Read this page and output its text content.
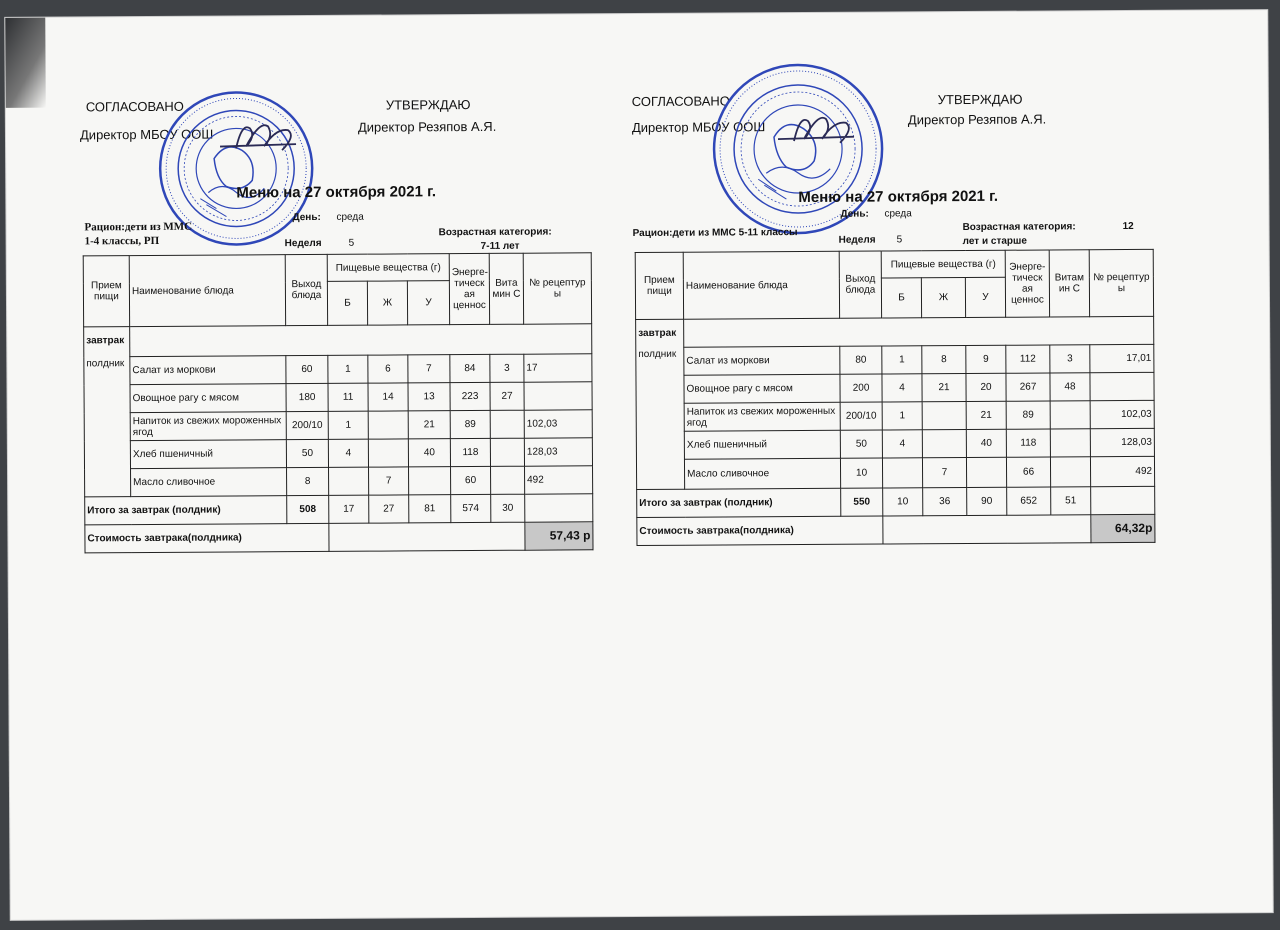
СОГЛАСОВАНО
Директор МБОУ ООШ
УТВЕРЖДАЮ
Директор Резяпов А.Я.
Меню на 27 октября 2021 г.
Рацион:дети из ММС
1-4 классы, РП
День: среда
Неделя	5
Возрастная категория:
7-11 лет
Прием пищи	Наименование блюда	Выход блюда	Пищевые вещества (г)			Энерге-тическ ая ценнос	Вита мин С	№ рецептур ы
			Б	Ж	У			

завтрак
полдник								

	Салат из моркови	60	1	6	7	84	3	17
	Овощное рагу с мясом	180	11	14	13	223	27	
	Напиток из свежих мороженных ягод	200/10	1		21	89		102,03
	Хлеб пшеничный	50	4		40	118		128,03
	Масло сливочное	8		7		60		492
Итого за завтрак (полдник)		508	17	27	81	574	30	
Стоимость завтрака(полдника)								57,43 р
СОГЛАСОВАНО
Директор МБОУ ООШ
УТВЕРЖДАЮ
Директор Резяпов А.Я.
Меню на 27 октября 2021 г.
Рацион:дети из ММС 5-11 классы
День: среда
Неделя 5
Возрастная категория:	12
лет и старше
Прием пищи	Наименование блюда	Выход блюда	Пищевые вещества (г)			Энерге-тическ ая ценнос	Витам ин С	№ рецептур ы
			Б	Ж	У			

завтрак
полдник								

	Салат из моркови	80	1	8	9	112	3	17,01
	Овощное рагу с мясом	200	4	21	20	267	48	
	Напиток из свежих мороженных ягод	200/10	1		21	89		102,03
	Хлеб пшеничный	50	4		40	118		128,03
	Масло сливочное	10		7		66		492
Итого за завтрак (полдник)		550	10	36	90	652	51	
Стоимость завтрака(полдника)								64,32р
